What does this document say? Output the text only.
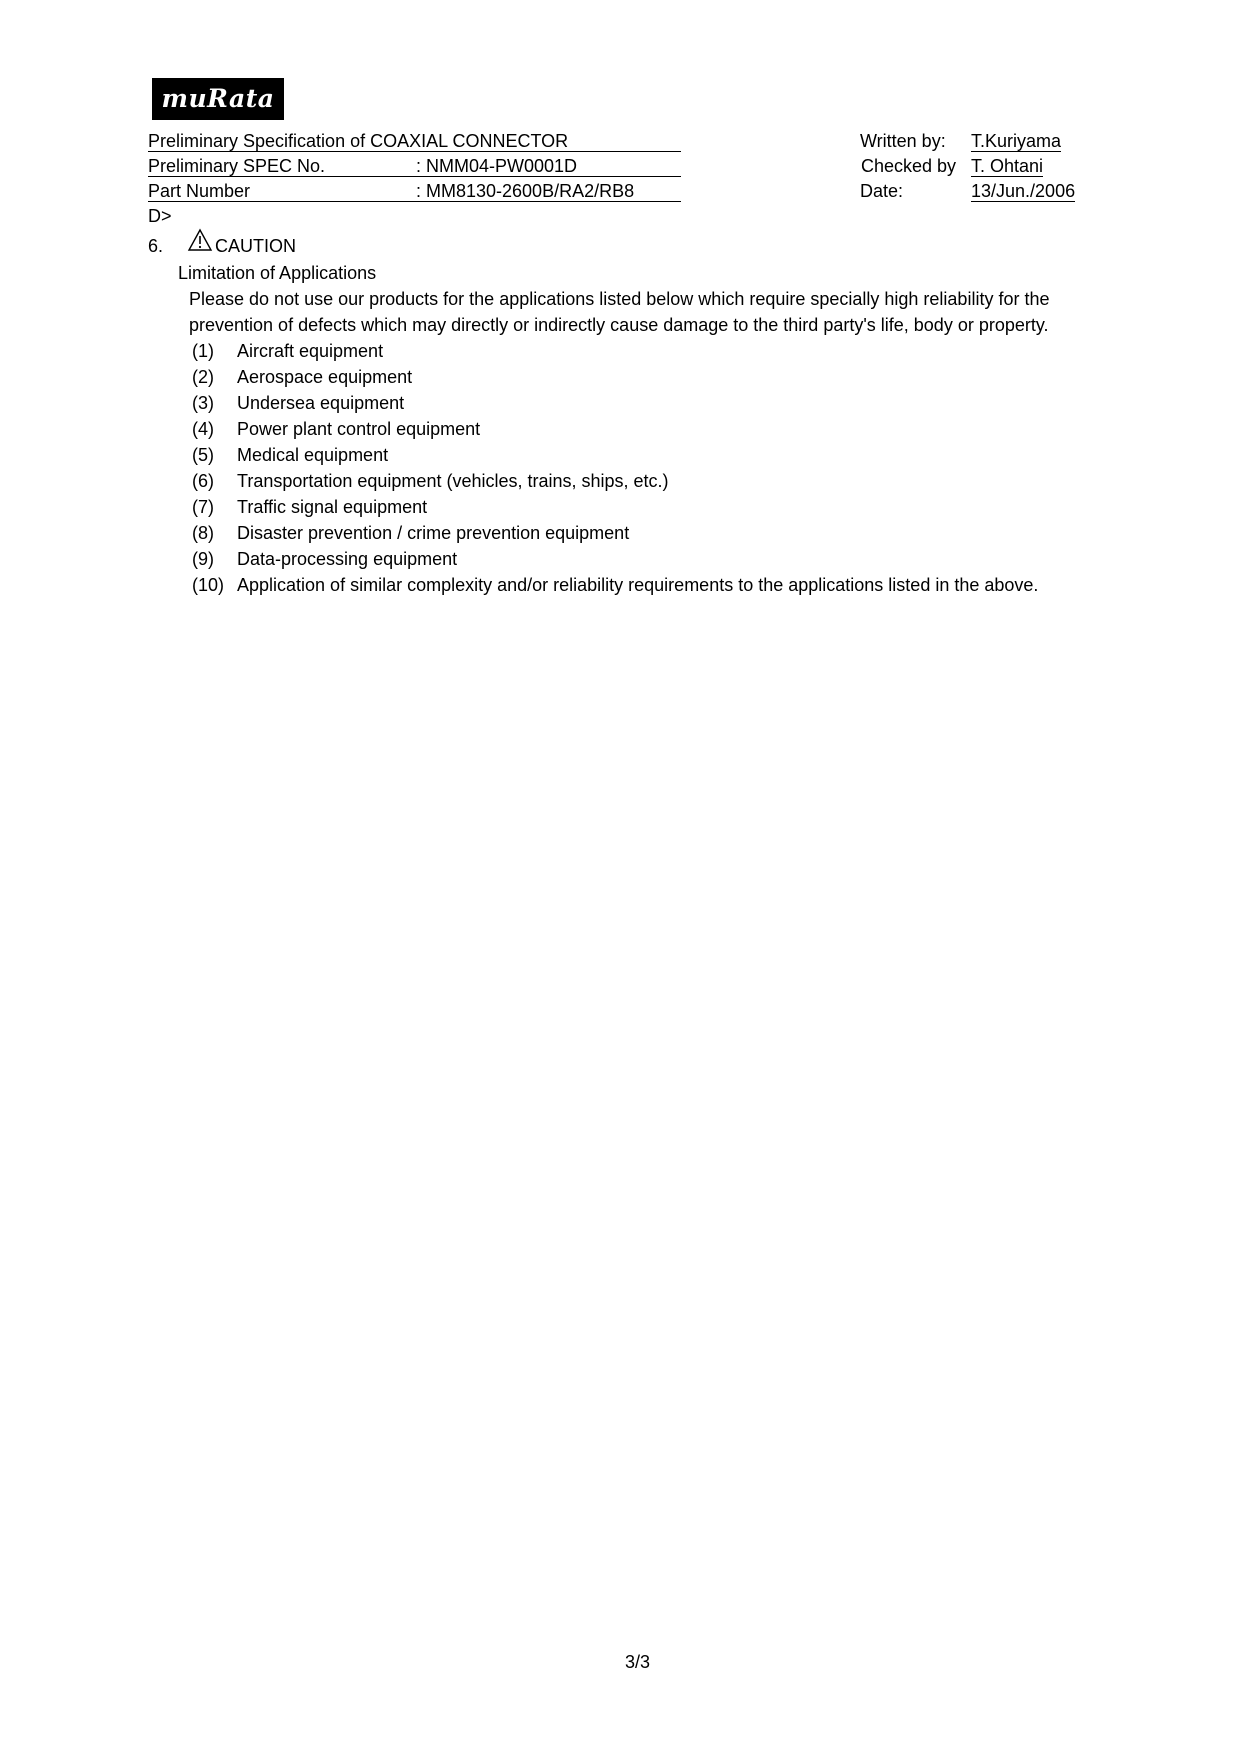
muRata
Preliminary Specification of COAXIAL CONNECTOR
Preliminary SPEC No.	: NMM04-PW0001D
Part Number	: MM8130-2600B/RA2/RB8
Written by: T.Kuriyama
Checked by T. Ohtani
Date:	13/Jun./2006
D>
6.	CAUTION
Limitation of Applications
Please do not use our products for the applications listed below which require specially high reliability for the
prevention of defects which may directly or indirectly cause damage to the third party's life, body or property.
(1) Aircraft equipment
(2) Aerospace equipment
(3) Undersea equipment
(4) Power plant control equipment
(5) Medical equipment
(6) Transportation equipment (vehicles, trains, ships, etc.)
(7) Traffic signal equipment
(8) Disaster prevention / crime prevention equipment
(9) Data-processing equipment
(10) Application of similar complexity and/or reliability requirements to the applications listed in the above.
3/3
